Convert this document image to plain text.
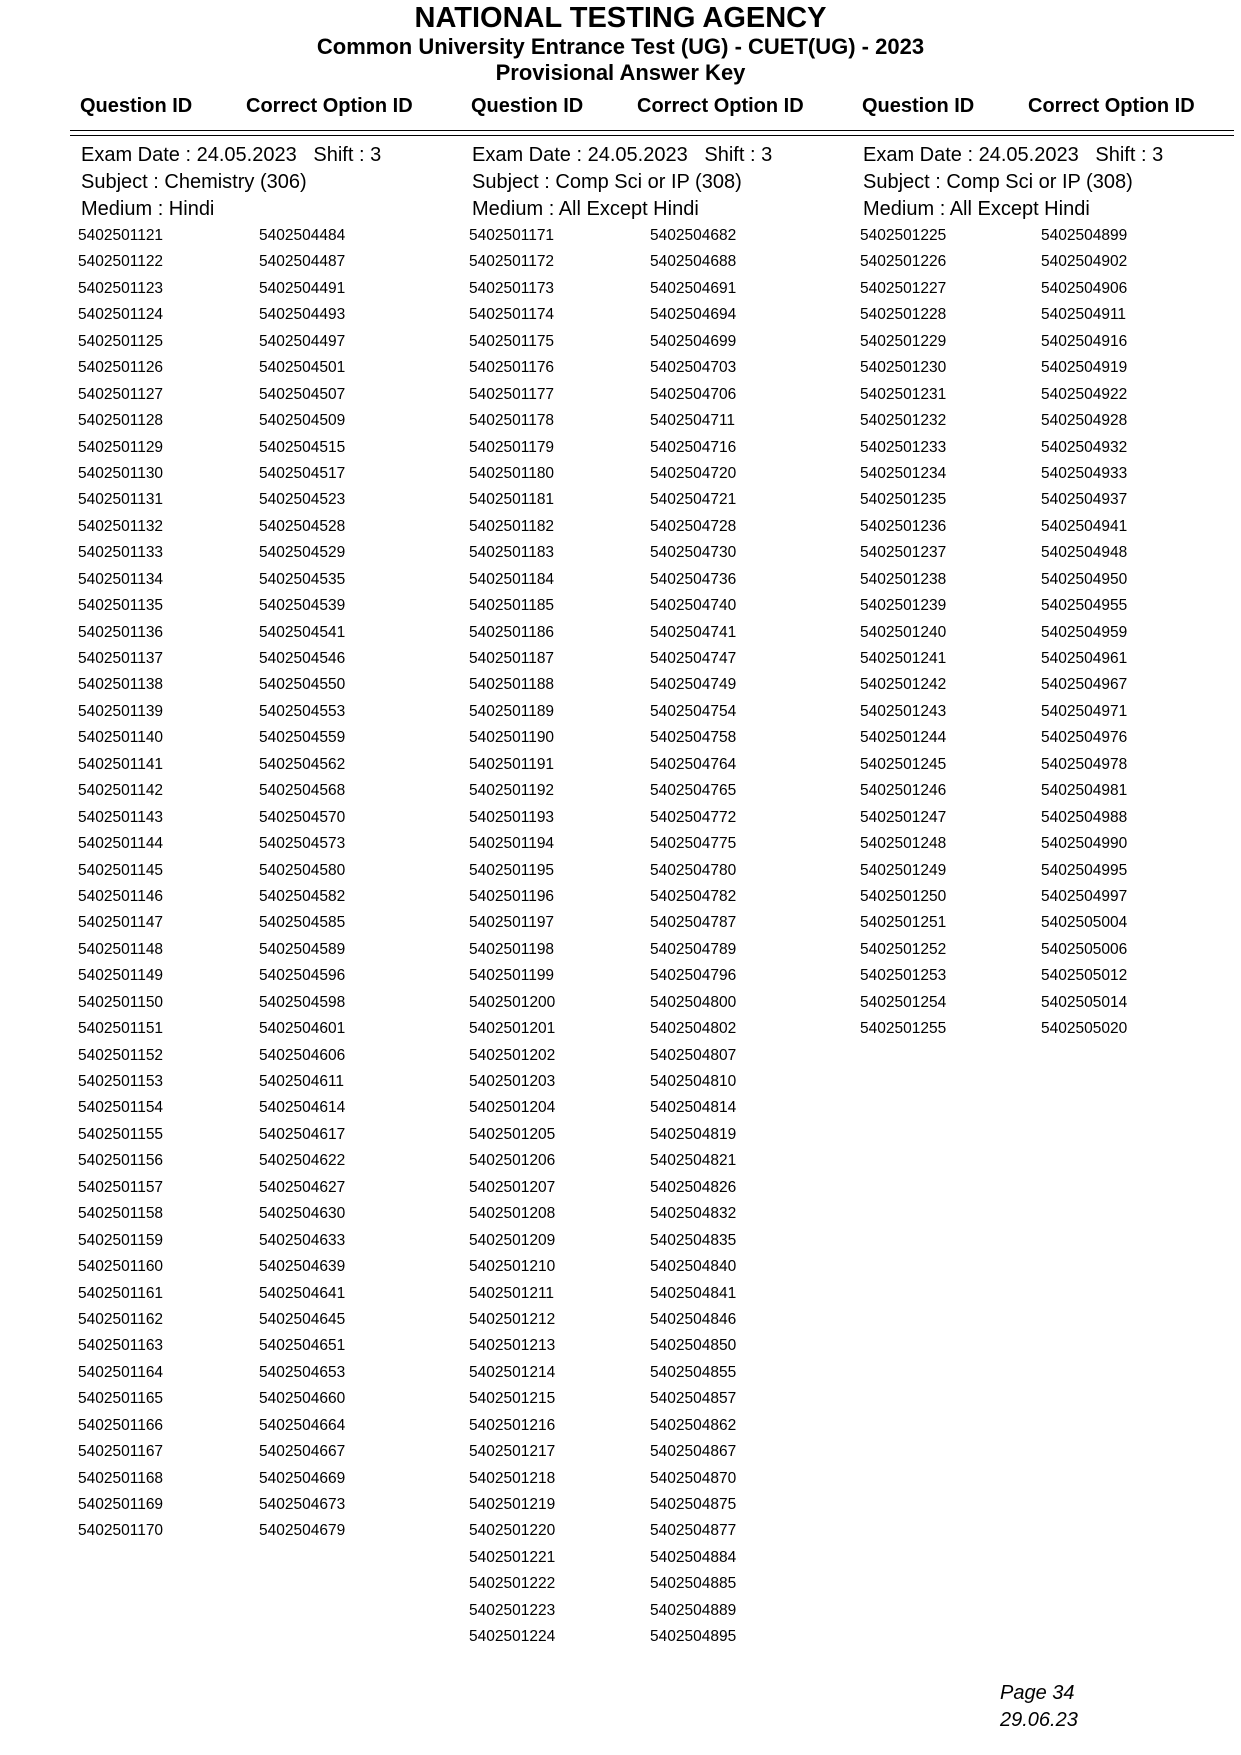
NATIONAL TESTING AGENCY
Common University Entrance Test (UG) - CUET(UG) - 2023
Provisional Answer Key
Question ID	Correct Option ID	Question ID	Correct Option ID	Question ID	Correct Option ID
Exam Date : 24.05.2023 Shift : 3
Subject : Chemistry (306)
Medium : Hindi
5402501121	5402504484
5402501122	5402504487
5402501123	5402504491
5402501124	5402504493
5402501125	5402504497
5402501126	5402504501
5402501127	5402504507
5402501128	5402504509
5402501129	5402504515
5402501130	5402504517
5402501131	5402504523
5402501132	5402504528
5402501133	5402504529
5402501134	5402504535
5402501135	5402504539
5402501136	5402504541
5402501137	5402504546
5402501138	5402504550
5402501139	5402504553
5402501140	5402504559
5402501141	5402504562
5402501142	5402504568
5402501143	5402504570
5402501144	5402504573
5402501145	5402504580
5402501146	5402504582
5402501147	5402504585
5402501148	5402504589
5402501149	5402504596
5402501150	5402504598
5402501151	5402504601
5402501152	5402504606
5402501153	5402504611
5402501154	5402504614
5402501155	5402504617
5402501156	5402504622
5402501157	5402504627
5402501158	5402504630
5402501159	5402504633
5402501160	5402504639
5402501161	5402504641
5402501162	5402504645
5402501163	5402504651
5402501164	5402504653
5402501165	5402504660
5402501166	5402504664
5402501167	5402504667
5402501168	5402504669
5402501169	5402504673
5402501170	5402504679
Exam Date : 24.05.2023 Shift : 3
Subject : Comp Sci or IP (308)
Medium : All Except Hindi
5402501171	5402504682
5402501172	5402504688
5402501173	5402504691
5402501174	5402504694
5402501175	5402504699
5402501176	5402504703
5402501177	5402504706
5402501178	5402504711
5402501179	5402504716
5402501180	5402504720
5402501181	5402504721
5402501182	5402504728
5402501183	5402504730
5402501184	5402504736
5402501185	5402504740
5402501186	5402504741
5402501187	5402504747
5402501188	5402504749
5402501189	5402504754
5402501190	5402504758
5402501191	5402504764
5402501192	5402504765
5402501193	5402504772
5402501194	5402504775
5402501195	5402504780
5402501196	5402504782
5402501197	5402504787
5402501198	5402504789
5402501199	5402504796
5402501200	5402504800
5402501201	5402504802
5402501202	5402504807
5402501203	5402504810
5402501204	5402504814
5402501205	5402504819
5402501206	5402504821
5402501207	5402504826
5402501208	5402504832
5402501209	5402504835
5402501210	5402504840
5402501211	5402504841
5402501212	5402504846
5402501213	5402504850
5402501214	5402504855
5402501215	5402504857
5402501216	5402504862
5402501217	5402504867
5402501218	5402504870
5402501219	5402504875
5402501220	5402504877
5402501221	5402504884
5402501222	5402504885
5402501223	5402504889
5402501224	5402504895
Exam Date : 24.05.2023 Shift : 3
Subject : Comp Sci or IP (308)
Medium : All Except Hindi
5402501225	5402504899
5402501226	5402504902
5402501227	5402504906
5402501228	5402504911
5402501229	5402504916
5402501230	5402504919
5402501231	5402504922
5402501232	5402504928
5402501233	5402504932
5402501234	5402504933
5402501235	5402504937
5402501236	5402504941
5402501237	5402504948
5402501238	5402504950
5402501239	5402504955
5402501240	5402504959
5402501241	5402504961
5402501242	5402504967
5402501243	5402504971
5402501244	5402504976
5402501245	5402504978
5402501246	5402504981
5402501247	5402504988
5402501248	5402504990
5402501249	5402504995
5402501250	5402504997
5402501251	5402505004
5402501252	5402505006
5402501253	5402505012
5402501254	5402505014
5402501255	5402505020
Page 34
29.06.23
